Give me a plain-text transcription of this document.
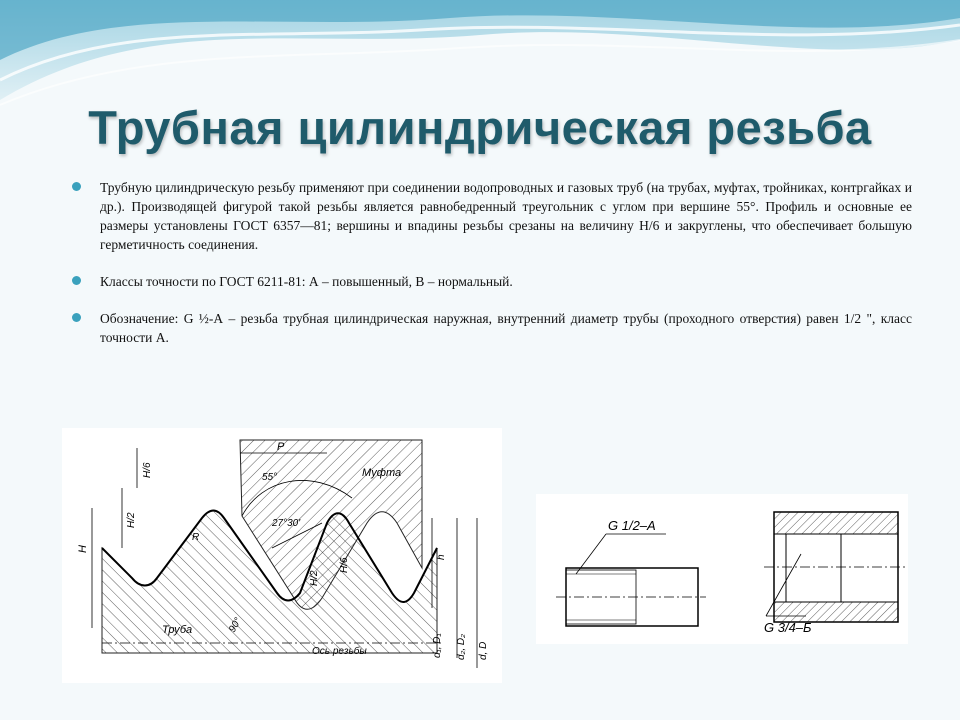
Трубная цилиндрическая резьба
Трубную цилиндрическую резьбу применяют при соединении водопроводных и газовых труб (на трубах, муфтах, тройниках, контргайках и др.). Производящей фигурой такой резьбы является равнобедренный треугольник с углом при вершине 55°. Профиль и основные ее размеры установлены ГОСТ 6357—81; вершины и впадины резьбы срезаны на величину H/6 и закруглены, что обеспечивает большую герметичность соединения.
Классы точности по ГОСТ 6211-81: А – повышенный, В – нормальный.
Обозначение: G ½-А – резьба трубная цилиндрическая наружная, внутренний диаметр трубы (проходного отверстия) равен 1/2 ", класс точности А.
P
55°	Муфта
27°30'
R
H/6
H/2
H
H/2
H/6
h
Труба	90°
Ось резьбы	d₁, D₁ d₂, D₂ d, D
G 1/2–A
G 3/4–Б
